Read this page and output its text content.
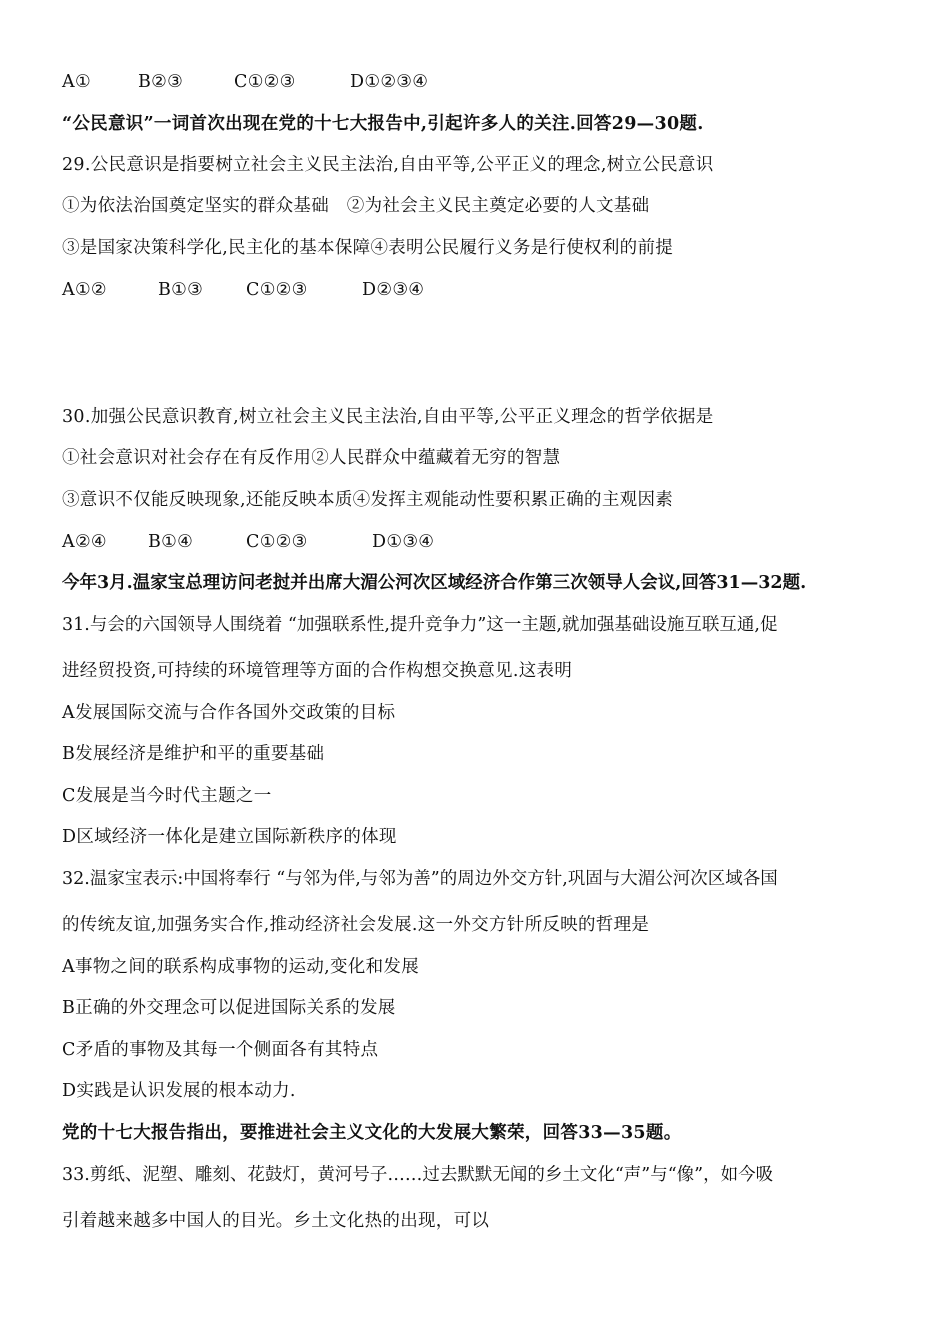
A①	B②③	C①②③	D①②③④
“公民意识”一词首次出现在党的十七大报告中,引起许多人的关注.回答29—30题.
29.公民意识是指要树立社会主义民主法治,自由平等,公平正义的理念,树立公民意识
①为依法治国奠定坚实的群众基础　②为社会主义民主奠定必要的人文基础
③是国家决策科学化,民主化的基本保障④表明公民履行义务是行使权利的前提
A①②	B①③ C①②③	D②③④
30.加强公民意识教育,树立社会主义民主法治,自由平等,公平正义理念的哲学依据是
①社会意识对社会存在有反作用②人民群众中蕴藏着无穷的智慧
③意识不仅能反映现象,还能反映本质④发挥主观能动性要积累正确的主观因素
A②④ B①④	C①②③	D①③④
今年3月.温家宝总理访问老挝并出席大湄公河次区域经济合作第三次领导人会议,回答31—32题.
31.与会的六国领导人围绕着 “加强联系性,提升竞争力”这一主题,就加强基础设施互联互通,促
进经贸投资,可持续的环境管理等方面的合作构想交换意见.这表明
A发展国际交流与合作各国外交政策的目标
B发展经济是维护和平的重要基础
C发展是当今时代主题之一
D区域经济一体化是建立国际新秩序的体现
32.温家宝表示:中国将奉行 “与邻为伴,与邻为善”的周边外交方针,巩固与大湄公河次区域各国
的传统友谊,加强务实合作,推动经济社会发展.这一外交方针所反映的哲理是
A事物之间的联系构成事物的运动,变化和发展
B正确的外交理念可以促进国际关系的发展
C矛盾的事物及其每一个侧面各有其特点
D实践是认识发展的根本动力.
党的十七大报告指出，要推进社会主义文化的大发展大繁荣，回答33—35题。
33.剪纸、泥塑、雕刻、花鼓灯，黄河号子……过去默默无闻的乡土文化“声”与“像”，如今吸
引着越来越多中国人的目光。乡土文化热的出现，可以
